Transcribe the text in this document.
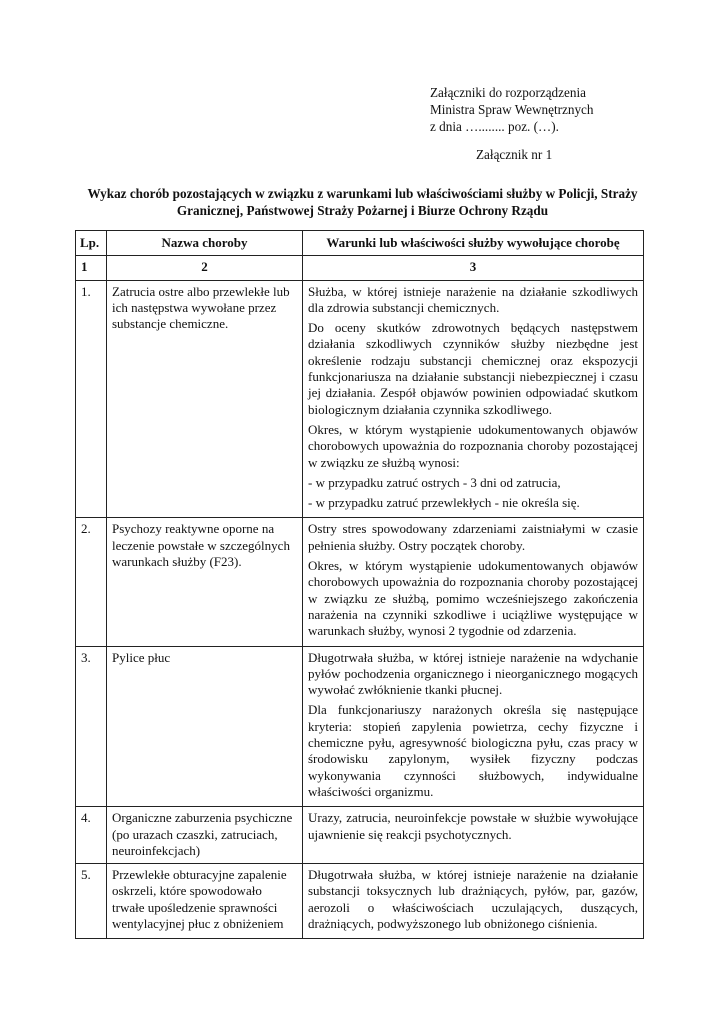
Załączniki do rozporządzenia
Ministra Spraw Wewnętrznych
z dnia …........ poz. (…).
Załącznik nr 1
Wykaz chorób pozostających w związku z warunkami lub właściwościami służby w Policji, Straży
Granicznej, Państwowej Straży Pożarnej i Biurze Ochrony Rządu
Lp.	Nazwa choroby	Warunki lub właściwości służby wywołujące chorobę
1	2	3
1.	Zatrucia ostre albo przewlekłe lub ich następstwa wywołane przez substancje chemiczne.	Służba, w której istnieje narażenie na działanie szkodliwych dla zdrowia substancji chemicznych.

Do oceny skutków zdrowotnych będących następstwem działania szkodliwych czynników służby niezbędne jest określenie rodzaju substancji chemicznej oraz ekspozycji funkcjonariusza na działanie substancji niebezpiecznej i czasu jej działania. Zespół objawów powinien odpowiadać skutkom biologicznym działania czynnika szkodliwego.

Okres, w którym wystąpienie udokumentowanych objawów chorobowych upoważnia do rozpoznania choroby pozostającej w związku ze służbą wynosi:

- w przypadku zatruć ostrych - 3 dni od zatrucia,

- w przypadku zatruć przewlekłych - nie określa się.

2.	Psychozy reaktywne oporne na leczenie powstałe w szczególnych warunkach służby (F23).	Ostry stres spowodowany zdarzeniami zaistniałymi w czasie pełnienia służby. Ostry początek choroby.

Okres, w którym wystąpienie udokumentowanych objawów chorobowych upoważnia do rozpoznania choroby pozostającej w związku ze służbą, pomimo wcześniejszego zakończenia narażenia na czynniki szkodliwe i uciążliwe występujące w warunkach służby, wynosi 2 tygodnie od zdarzenia.

3.	Pylice płuc	Długotrwała służba, w której istnieje narażenie na wdychanie pyłów pochodzenia organicznego i nieorganicznego mogących wywołać zwłóknienie tkanki płucnej.

Dla funkcjonariuszy narażonych określa się następujące kryteria: stopień zapylenia powietrza, cechy fizyczne i chemiczne pyłu, agresywność biologiczna pyłu, czas pracy w środowisku zapylonym, wysiłek fizyczny podczas wykonywania czynności służbowych, indywidualne właściwości organizmu.

4.	Organiczne zaburzenia psychiczne (po urazach czaszki, zatruciach, neuroinfekcjach)	Urazy, zatrucia, neuroinfekcje powstałe w służbie wywołujące ujawnienie się reakcji psychotycznych.

5.	Przewlekłe obturacyjne zapalenie oskrzeli, które spowodowało trwałe upośledzenie sprawności wentylacyjnej płuc z obniżeniem	Długotrwała służba, w której istnieje narażenie na działanie substancji toksycznych lub drażniących, pyłów, par, gazów, aerozoli o właściwościach uczulających, duszących, drażniących, podwyższonego lub obniżonego ciśnienia.
